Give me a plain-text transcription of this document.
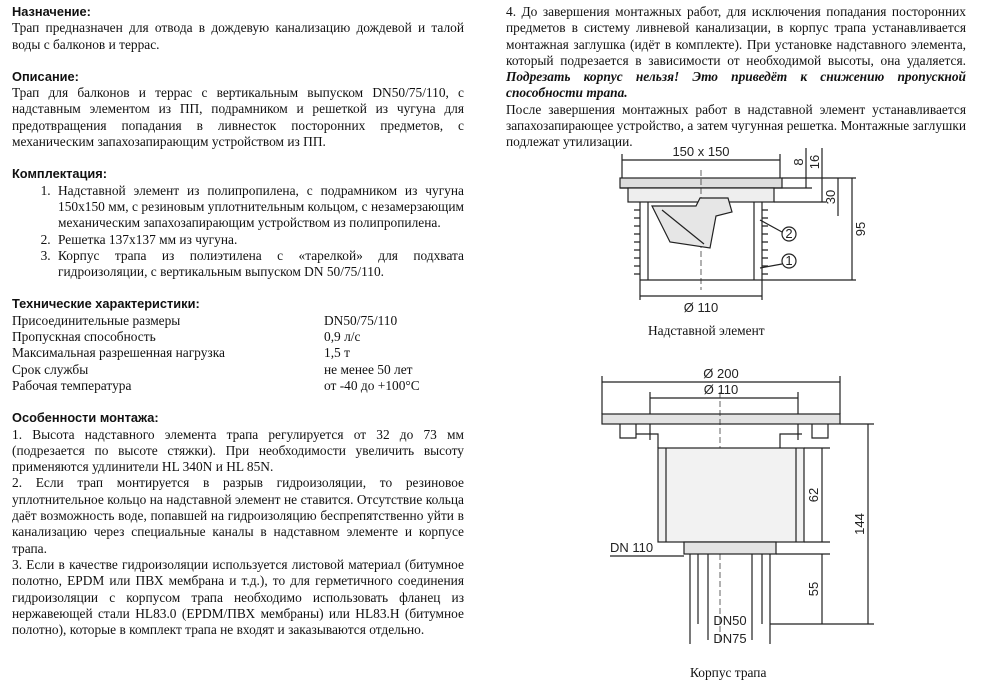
Назначение:

Трап предназначен для отвода в дождевую канализацию дождевой и талой воды с балконов и террас.

Описание:

Трап для балконов и террас с вертикальным выпуском DN50/75/110, с надставным элементом из ПП, подрамником и решеткой из чугуна для предотвращения попадания в ливнесток посторонних предметов, с механическим запахозапирающим устройством из ПП.

Комплектация:
1. Надставной элемент из полипропилена, с подрамником из чугуна 150х150 мм, с резиновым уплотнительным кольцом, с незамерзающим механическим запахозапирающим устройством из полипропилена.
2. Решетка 137х137 мм из чугуна.
3. Корпус трапа из полиэтилена с «тарелкой» для подхвата гидроизоляции, с вертикальным выпуском DN 50/75/110.
Технические характеристики:
Присоединительные размеры	DN50/75/110
Пропускная способность	0,9 л/с
Максимальная разрешенная нагрузка	1,5 т
Срок службы	не менее 50 лет
Рабочая температура	от -40 до +100°С
Особенности монтажа:

1. Высота надставного элемента трапа регулируется от 32 до 73 мм (подрезается по высоте стяжки). При необходимости увеличить высоту применяются удлинители HL 340N и HL 85N.

2. Если трап монтируется в разрыв гидроизоляции, то резиновое уплотнительное кольцо на надставной элемент не ставится. Отсутствие кольца даёт возможность воде, попавшей на гидроизоляцию беспрепятственно уйти в канализацию через специальные каналы в надставном элементе и корпусе трапа.

3. Если в качестве гидроизоляции используется листовой материал (битумное полотно, EPDM или ПВХ мембрана и т.д.), то для герметичного соединения гидроизоляции с корпусом трапа необходимо использовать фланец из нержавеющей стали HL83.0 (EPDM/ПВХ мембраны) или HL83.H (битумное полотно), которые в комплект трапа не входят и заказываются отдельно.

4. До завершения монтажных работ, для исключения попадания посторонних предметов в систему ливневой канализации, в корпус трапа устанавливается монтажная заглушка (идёт в комплекте). При установке надставного элемента, который подрезается в зависимости от необходимой высоты, она удаляется. Подрезать корпус нельзя! Это приведёт к снижению пропускной способности трапа.

После завершения монтажных работ в надставной элемент устанавливается запахозапирающее устройство, а затем чугунная решетка. Монтажные заглушки подлежат утилизации.

150 x 150
Ø 110
8 16
30
95
2
1
Надставной элемент
Ø 200
Ø 110
62
144
55
DN 110
DN50
DN75
Корпус трапа
